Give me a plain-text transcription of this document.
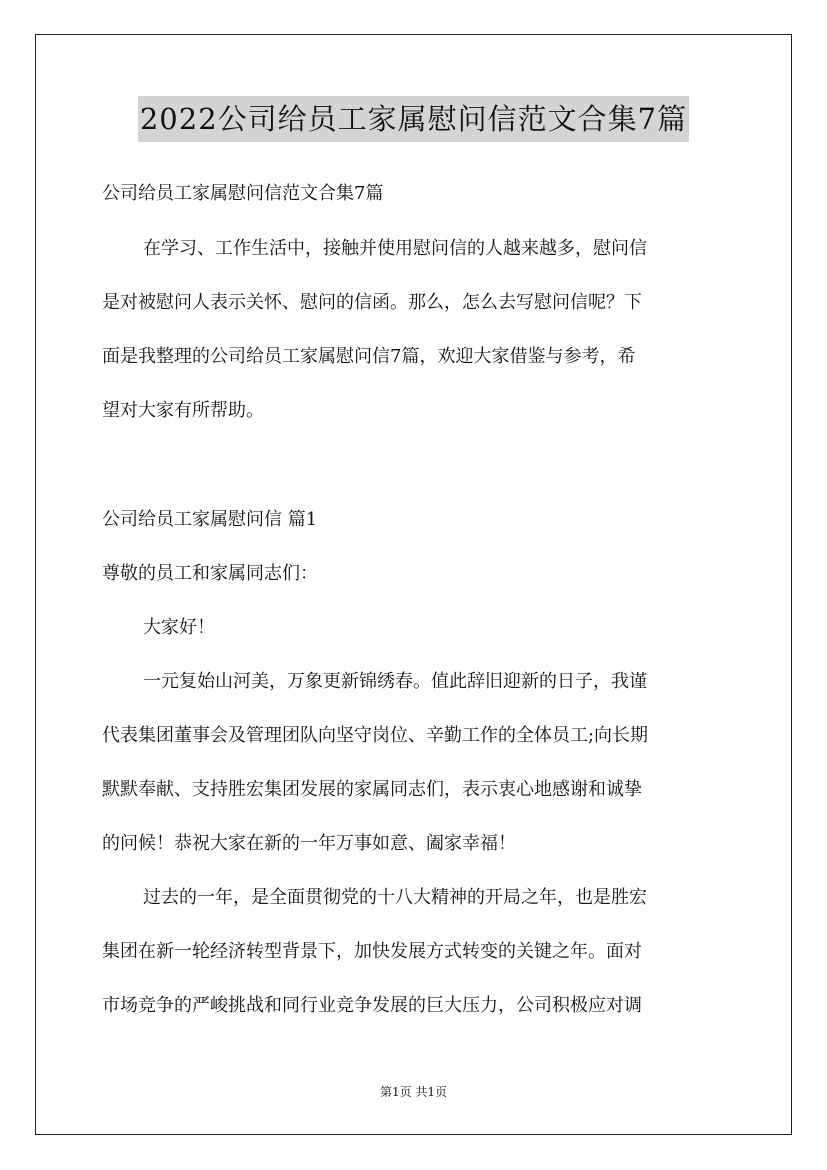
2022公司给员工家属慰问信范文合集7篇
公司给员工家属慰问信范文合集7篇
在学习、工作生活中，接触并使用慰问信的人越来越多，慰问信
是对被慰问人表示关怀、慰问的信函。那么，怎么去写慰问信呢？下
面是我整理的公司给员工家属慰问信7篇，欢迎大家借鉴与参考，希
望对大家有所帮助。
公司给员工家属慰问信 篇1
尊敬的员工和家属同志们：
大家好！
一元复始山河美，万象更新锦绣春。值此辞旧迎新的日子，我谨
代表集团董事会及管理团队向坚守岗位、辛勤工作的全体员工;向长期
默默奉献、支持胜宏集团发展的家属同志们，表示衷心地感谢和诚挚
的问候！恭祝大家在新的一年万事如意、阖家幸福！
过去的一年，是全面贯彻党的十八大精神的开局之年，也是胜宏
集团在新一轮经济转型背景下，加快发展方式转变的关键之年。面对
市场竞争的严峻挑战和同行业竞争发展的巨大压力，公司积极应对调
第1页 共1页
